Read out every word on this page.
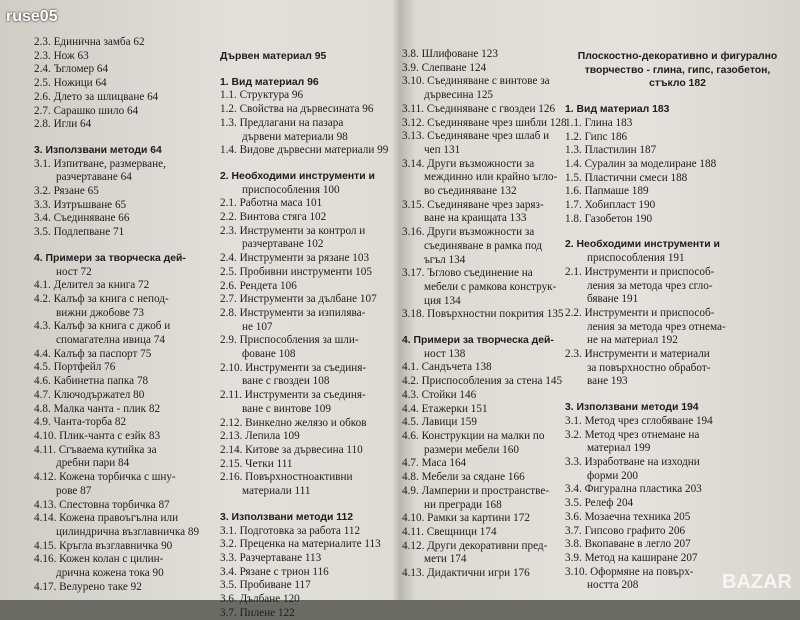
2.3. Единична замба 62
2.3. Нож 63
2.4. Ъгломер 64
2.5. Ножици 64
2.6. Длето за шлицване 64
2.7. Сарашко шило 64
2.8. Игли 64
3. Използвани методи 64
3.1. Изпитване, размерване,
разчертаване 64
3.2. Рязане 65
3.3. Изтръшване 65
3.4. Съединяване 66
3.5. Подлепване 71
4. Примери за творческа дей-
ност 72
4.1. Делител за книга 72
4.2. Калъф за книга с непод-
вижни джобове 73
4.3. Калъф за книга с джоб и
спомагателна ивица 74
4.4. Калъф за паспорт 75
4.5. Портфейл 76
4.6. Кабинетна папка 78
4.7. Ключодържател 80
4.8. Малка чанта - плик 82
4.9. Чанта-торба 82
4.10. Плик-чанта с езйк 83
4.11. Сгъваема кутийка за
дребни пари 84
4.12. Кожена торбичка с шну-
рове 87
4.13. Спестовна торбичка 87
4.14. Кожена правоъгълна или
цилиндрична възглавничка 89
4.15. Кръгла възглавничка 90
4.16. Кожен колан с цилин-
дрична кожена тока 90
4.17. Велурено таке 92
Дървен материал 95
1. Вид материал 96
1.1. Структура 96
1.2. Свойства на дървесината 96
1.3. Предлагани на пазара
дървени материали 98
1.4. Видове дървесни материали 99
2. Необходими инструменти и
приспособления 100
2.1. Работна маса 101
2.2. Винтова стяга 102
2.3. Инструменти за контрол и
разчертаване 102
2.4. Инструменти за рязане 103
2.5. Пробивни инструменти 105
2.6. Рендета 106
2.7. Инструменти за дълбане 107
2.8. Инструменти за изпилява-
не 107
2.9. Приспособления за шли-
фоване 108
2.10. Инструменти за съединя-
ване с гвоздеи 108
2.11. Инструменти за съединя-
ване с винтове 109
2.12. Винкелно желязо и обков
2.13. Лепила 109
2.14. Китове за дървесина 110
2.15. Четки 111
2.16. Повърхностноактивни
материали 111
3. Използвани методи 112
3.1. Подготовка за работа 112
3.2. Преценка на материалите 113
3.3. Разчертаване 113
3.4. Рязане с трион 116
3.5. Пробиване 117
3.6. Дълбане 120
3.7. Пилене 122
3.8. Шлифоване 123
3.9. Слепване 124
3.10. Съединяване с винтове за
дървесина 125
3.11. Съединяване с гвоздеи 126
3.12. Съединяване чрез шибли 128
3.13. Съединяване чрез шлаб и
чеп 131
3.14. Други възможности за
междинно или крайно ъгло-
во съединяване 132
3.15. Съединяване чрез заряз-
ване на краищата 133
3.16. Други възможности за
съединяване в рамка под
ъгъл 134
3.17. Ъглово съединение на
мебели с рамкова конструк-
ция 134
3.18. Повърхностни покрития 135
4. Примери за творческа дей-
ност 138
4.1. Сандъчета 138
4.2. Приспособления за стена 145
4.3. Стойки 146
4.4. Етажерки 151
4.5. Лавици 159
4.6. Конструкции на малки по
размери мебели 160
4.7. Маса 164
4.8. Мебели за сядане 166
4.9. Ламперии и пространстве-
ни прегради 168
4.10. Рамки за картини 172
4.11. Свещници 174
4.12. Други декоративни пред-
мети 174
4.13. Дидактични игри 176
Плоскостно-декоративно и фигурално творчество - глина, гипс, газобетон, стъкло 182
1. Вид материал 183
1.1. Глина 183
1.2. Гипс 186
1.3. Пластилин 187
1.4. Суралин за моделиране 188
1.5. Пластични смеси 188
1.6. Папмаше 189
1.7. Хобипласт 190
1.8. Газобетон 190
2. Необходими инструменти и
приспособления 191
2.1. Инструменти и приспособ-
ления за метода чрез сгло-
бяване 191
2.2. Инструменти и приспособ-
ления за метода чрез отнема-
не на материал 192
2.3. Инструменти и материали
за повърхностно обработ-
ване 193
3. Използвани методи 194
3.1. Метод чрез сглобяване 194
3.2. Метод чрез отнемане на
материал 199
3.3. Изработване на изходни
форми 200
3.4. Фигурална пластика 203
3.5. Релеф 204
3.6. Мозаечна техника 205
3.7. Гипсово графито 206
3.8. Вкопаване в легло 207
3.9. Метод на каширане 207
3.10. Оформяне на повърх-
ността 208
ruse05
BAZAR
